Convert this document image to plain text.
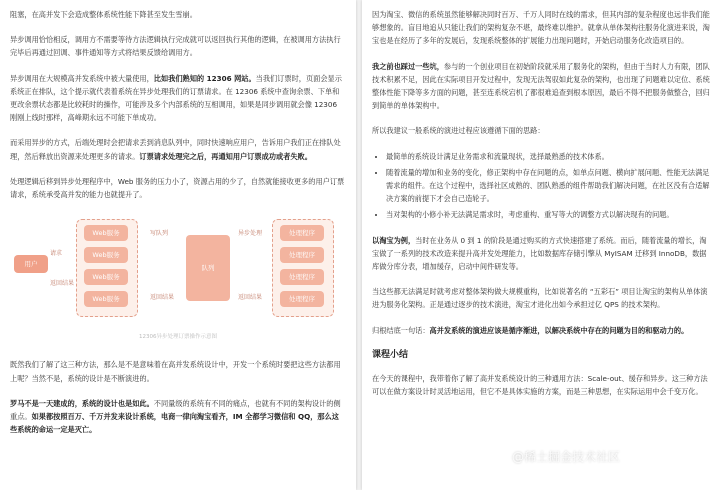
阻塞，在高并发下会造成整体系统性能下降甚至发生雪崩。

异步调用恰恰相反，调用方不需要等待方法逻辑执行完成就可以返回执行其他的逻辑，在被调用方法执行完毕后再通过回调、事件通知等方式将结果反馈给调用方。

异步调用在大规模高并发系统中被大量使用，比如我们熟知的 12306 网站。当我们订票时，页面会显示系统正在排队，这个提示就代表着系统在异步处理我们的订票请求。在 12306 系统中查询余票、下单和更改余票状态都是比较耗时的操作，可能涉及多个内部系统的互相调用，如果是同步调用就会像 12306 刚刚上线时那样，高峰期永远不可能下单成功。

而采用异步的方式，后端处理时会把请求丢到消息队列中，同时快速响应用户，告诉用户我们正在排队处理，然后释放出资源来处理更多的请求。订票请求处理完之后，再通知用户订票成功或者失败。

处理逻辑后移到异步处理程序中，Web 服务的压力小了，资源占用的少了，自然就能接收更多的用户订票请求，系统承受高并发的能力也就提升了。

用户
请求
返回结果
Web服务
Web服务
Web服务
Web服务
写队列
返回结果
队列
异步处理
返回结果
处理程序
处理程序
处理程序
处理程序
12306异步处理订票操作示意图

既然我们了解了这三种方法，那么是不是意味着在高并发系统设计中，开发一个系统时要把这些方法都用上呢？当然不是，系统的设计是不断演进的。

罗马不是一天建成的，系统的设计也是如此。不同量级的系统有不同的痛点，也就有不同的架构设计的侧重点。如果都按照百万、千万并发来设计系统，电商一律向淘宝看齐，IM 全都学习微信和 QQ，那么这些系统的命运一定是灭亡。

因为淘宝、微信的系统虽然能够解决同时百万、千万人同时在线的需求，但其内部的复杂程度也远非我们能够想象的。盲目地追从只能让我们的架构复杂不堪，最终难以维护。就拿从单体架构往服务化演进来说，淘宝也是在经历了多年的发展后，发现系统整体的扩展能力出现问题时，开始启动服务化改造项目的。

我之前也踩过一些坑，参与的一个创业项目在初始阶段就采用了服务化的架构，但由于当时人力有限，团队技术积累不足，因此在实际项目开发过程中，发现无法驾驭如此复杂的架构，也出现了问题难以定位、系统整体性能下降等多方面的问题，甚至连系统宕机了都很难追查到根本原因，最后不得不把服务做整合，回归到简单的单体架构中。

所以我建议一般系统的演进过程应该遵循下面的思路：

• 最简单的系统设计满足业务需求和流量现状，选择最熟悉的技术体系。
• 随着流量的增加和业务的变化，修正架构中存在问题的点，如单点问题、横向扩展问题、性能无法满足需求的组件。在这个过程中，选择社区成熟的、团队熟悉的组件帮助我们解决问题，在社区没有合适解决方案的前提下才会自己造轮子。
• 当对架构的小修小补无法满足需求时，考虑重构、重写等大的调整方式以解决现有的问题。

以淘宝为例，当时在业务从 0 到 1 的阶段是通过购买的方式快速搭建了系统。而后，随着流量的增长，淘宝做了一系列的技术改造来提升高并发处理能力，比如数据库存储引擎从 MyISAM 迁移到 InnoDB，数据库做分库分表，增加缓存，启动中间件研发等。

当这些都无法满足时就考虑对整体架构做大规模重构，比如说著名的 “五彩石” 项目让淘宝的架构从单体演进为服务化架构。正是通过逐步的技术演进，淘宝才进化出如今承担过亿 QPS 的技术架构。

归根结底一句话：高并发系统的演进应该是循序渐进，以解决系统中存在的问题为目的和驱动力的。

课程小结

在今天的课程中，我带着你了解了高并发系统设计的三种通用方法：Scale-out、缓存和异步。这三种方法可以在做方案设计时灵活地运用，但它不是具体实施的方案，而是三种思想，在实际运用中会千变万化。

@稀土掘金技术社区
